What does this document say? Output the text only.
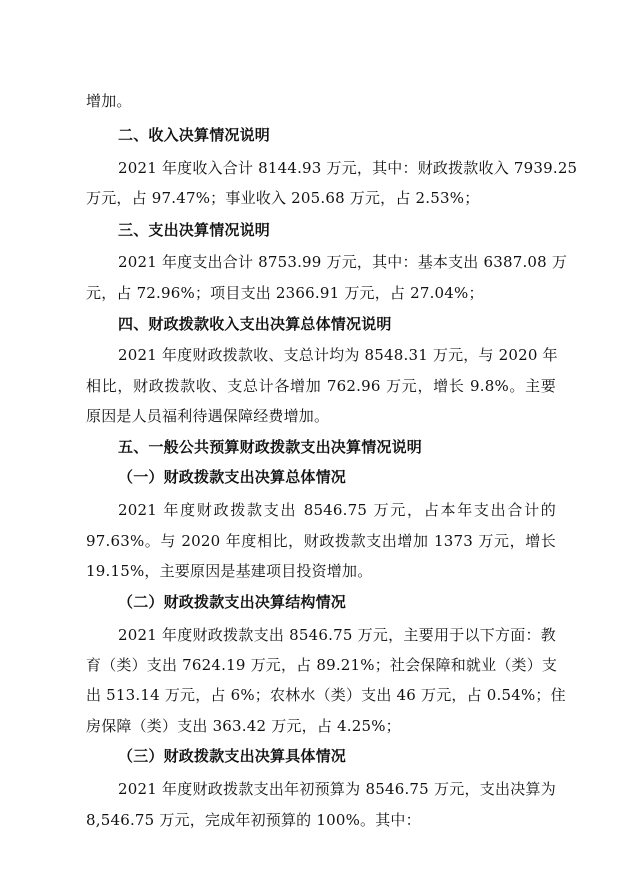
增加。
二、收入决算情况说明
2021 年度收入合计 8144.93 万元，其中：财政拨款收入 7939.25
万元，占 97.47%；事业收入 205.68 万元，占 2.53%；
三、支出决算情况说明
2021 年度支出合计 8753.99 万元，其中：基本支出 6387.08 万
元，占 72.96%；项目支出 2366.91 万元，占 27.04%；
四、财政拨款收入支出决算总体情况说明
2021 年度财政拨款收、支总计均为 8548.31 万元，与 2020 年
相比，财政拨款收、支总计各增加 762.96 万元，增长 9.8%。主要
原因是人员福利待遇保障经费增加。
五、一般公共预算财政拨款支出决算情况说明
（一）财政拨款支出决算总体情况
2021 年度财政拨款支出 8546.75 万元，占本年支出合计的
97.63%。与 2020 年度相比，财政拨款支出增加 1373 万元，增长
19.15%，主要原因是基建项目投资增加。
（二）财政拨款支出决算结构情况
2021 年度财政拨款支出 8546.75 万元，主要用于以下方面：教
育（类）支出 7624.19 万元，占 89.21%；社会保障和就业（类）支
出 513.14 万元，占 6%；农林水（类）支出 46 万元，占 0.54%；住
房保障（类）支出 363.42 万元，占 4.25%；
（三）财政拨款支出决算具体情况
2021 年度财政拨款支出年初预算为 8546.75 万元，支出决算为
8,546.75 万元，完成年初预算的 100%。其中：
